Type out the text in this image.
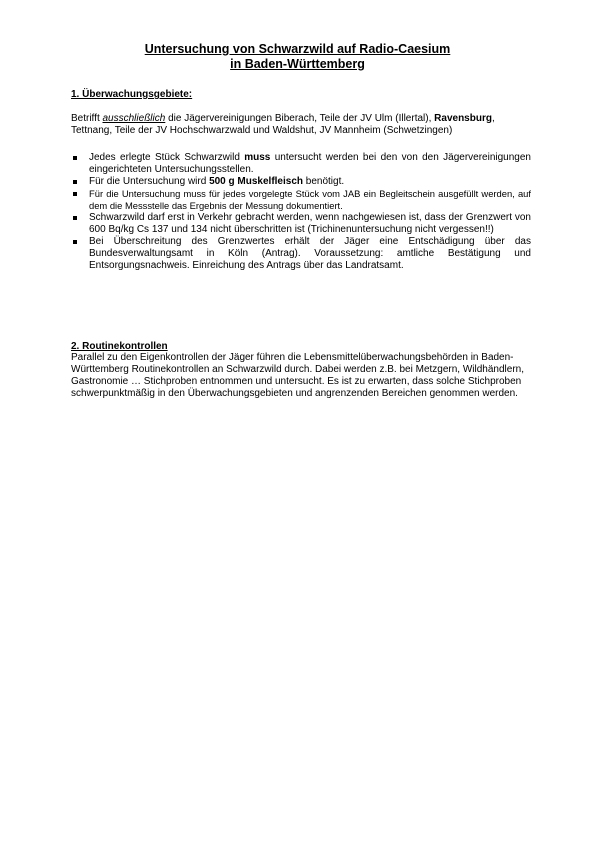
Untersuchung von Schwarzwild auf Radio-Caesium
in Baden-Württemberg
1. Überwachungsgebiete:
Betrifft ausschließlich die Jägervereinigungen Biberach, Teile der JV Ulm (Illertal), Ravensburg, Tettnang, Teile der JV Hochschwarzwald und Waldshut, JV Mannheim (Schwetzingen)
Jedes erlegte Stück Schwarzwild muss untersucht werden bei den von den Jägervereinigungen eingerichteten Untersuchungsstellen.
Für die Untersuchung wird 500 g Muskelfleisch benötigt.
Für die Untersuchung muss für jedes vorgelegte Stück vom JAB ein Begleitschein ausgefüllt werden, auf dem die Messstelle das Ergebnis der Messung dokumentiert.
Schwarzwild darf erst in Verkehr gebracht werden, wenn nachgewiesen ist, dass der Grenzwert von 600 Bq/kg Cs 137 und 134 nicht überschritten ist (Trichinenuntersuchung nicht vergessen!!)
Bei Überschreitung des Grenzwertes erhält der Jäger eine Entschädigung über das Bundesverwaltungsamt in Köln (Antrag). Voraussetzung: amtliche Bestätigung und Entsorgungsnachweis. Einreichung des Antrags über das Landratsamt.
2. Routinekontrollen
Parallel zu den Eigenkontrollen der Jäger führen die Lebensmittelüberwachungsbehörden in Baden-Württemberg Routinekontrollen an Schwarzwild durch. Dabei werden z.B. bei Metzgern, Wildhändlern, Gastronomie … Stichproben entnommen und untersucht. Es ist zu erwarten, dass solche Stichproben schwerpunktmäßig in den Überwachungsgebieten und angrenzenden Bereichen genommen werden.
